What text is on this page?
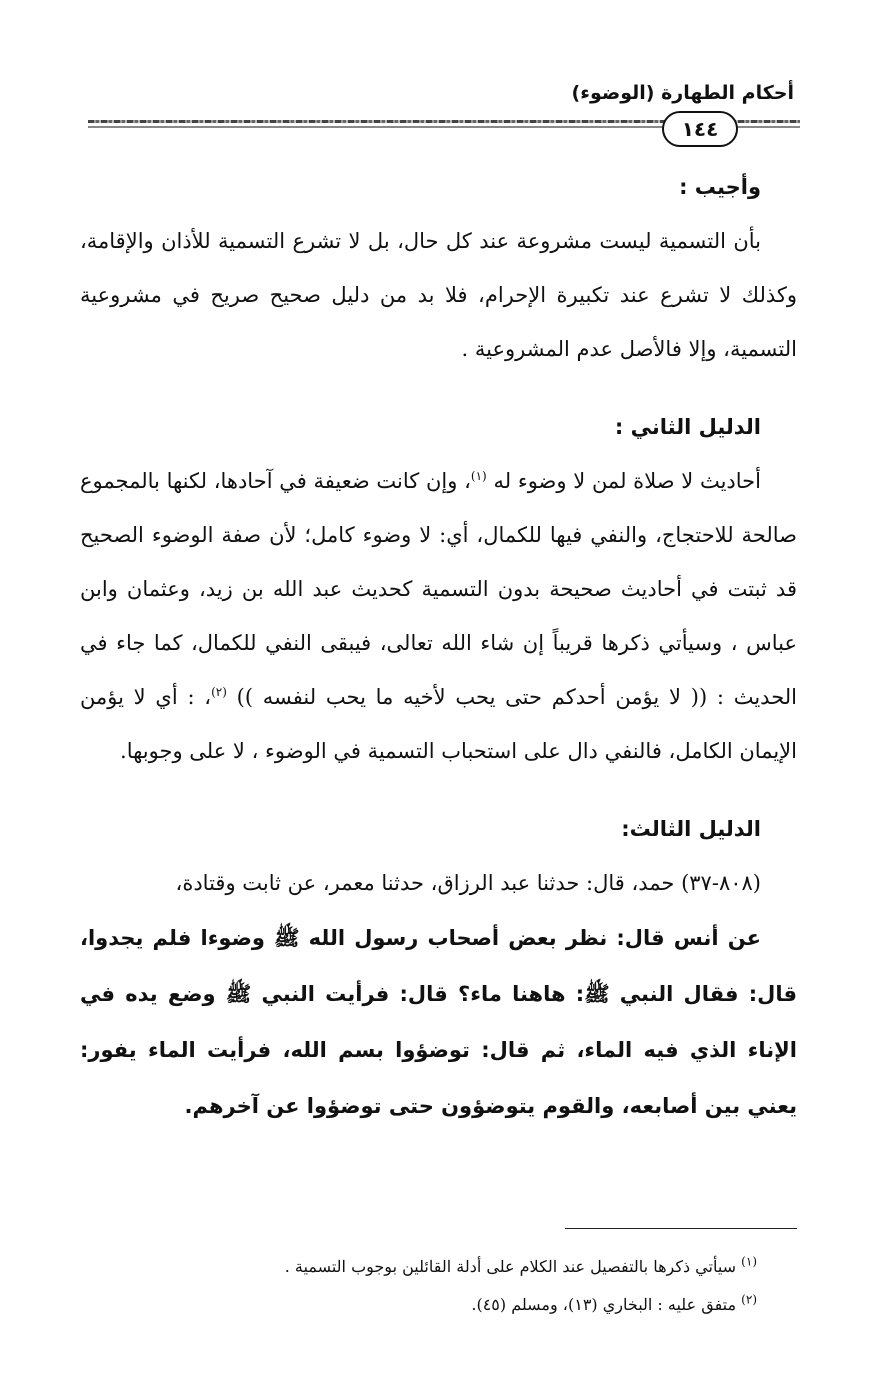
أحكام الطهارة (الوضوء)
١٤٤

وأجيب :

بأن التسمية ليست مشروعة عند كل حال، بل لا تشرع التسمية للأذان والإقامة، وكذلك لا تشرع عند تكبيرة الإحرام، فلا بد من دليل صحيح صريح في مشروعية التسمية، وإلا فالأصل عدم المشروعية .

الدليل الثاني :

أحاديث لا صلاة لمن لا وضوء له $^{(١)}$، وإن كانت ضعيفة في آحادها، لكنها بالمجموع صالحة للاحتجاج، والنفي فيها للكمال، أي: لا وضوء كامل؛ لأن صفة الوضوء الصحيح قد ثبتت في أحاديث صحيحة بدون التسمية كحديث عبد الله بن زيد، وعثمان وابن عباس ، وسيأتي ذكرها قريباً إن شاء الله تعالى، فيبقى النفي للكمال، كما جاء في الحديث : (( لا يؤمن أحدكم حتى يحب لأخيه ما يحب لنفسه )) $^{(٢)}$، : أي لا يؤمن الإيمان الكامل، فالنفي دال على استحباب التسمية في الوضوء ، لا على وجوبها.

الدليل الثالث:

(٨٠٨-٣٧) حمد، قال: حدثنا عبد الرزاق، حدثنا معمر، عن ثابت وقتادة،

عن أنس قال: نظر بعض أصحاب رسول الله ﷺ وضوءا فلم يجدوا، قال: فقال النبي ﷺ: هاهنا ماء؟ قال: فرأيت النبي ﷺ وضع يده في الإناء الذي فيه الماء، ثم قال: توضؤوا بسم الله، فرأيت الماء يفور: يعني بين أصابعه، والقوم يتوضؤون حتى توضؤوا عن آخرهم.

$^{(١)}$ سيأتي ذكرها بالتفصيل عند الكلام على أدلة القائلين بوجوب التسمية .

$^{(٢)}$ متفق عليه : البخاري (١٣)، ومسلم (٤٥).
